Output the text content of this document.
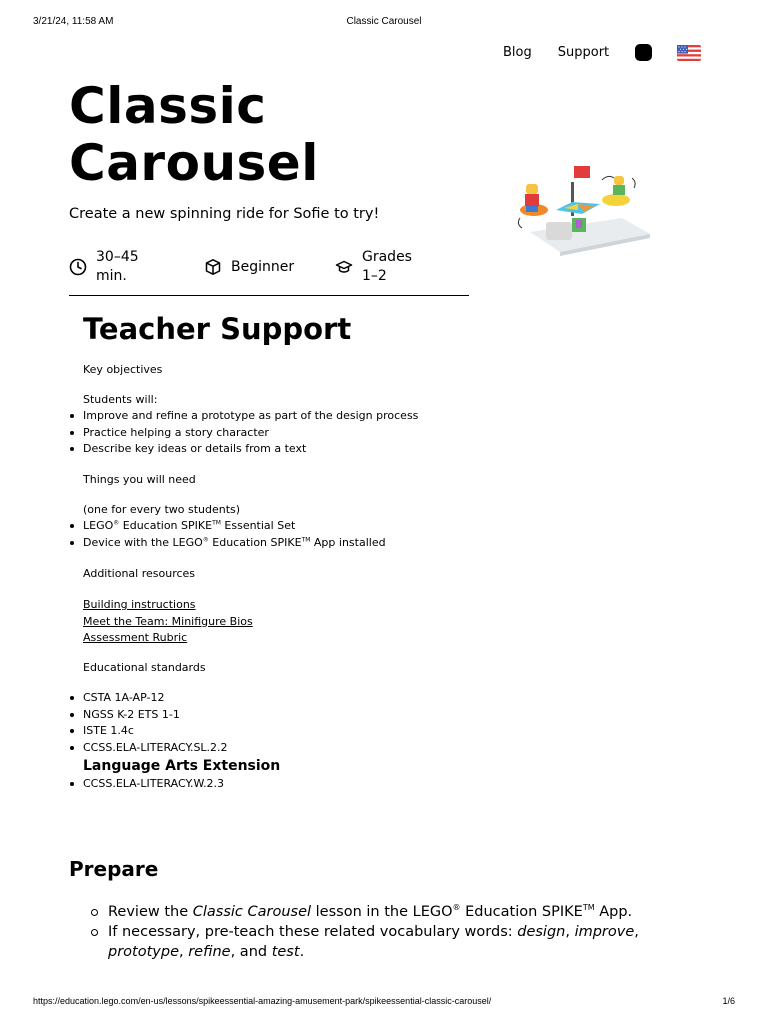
3/21/24, 11:58 AM	Classic Carousel
Blog Support
Classic
Carousel
Create a new spinning ride for Sofie to try!
30–45
min.
Beginner
Grades
1–2
Teacher Support
Key objectives
Students will:
Improve and refine a prototype as part of the design process
Practice helping a story character
Describe key ideas or details from a text
Things you will need
(one for every two students)
LEGO® Education SPIKE™ Essential Set
Device with the LEGO® Education SPIKE™ App installed
Additional resources
Building instructions
Meet the Team: Minifigure Bios
Assessment Rubric
Educational standards
CSTA 1A-AP-12
NGSS K-2 ETS 1-1
ISTE 1.4c
CCSS.ELA-LITERACY.SL.2.2
Language Arts Extension
CCSS.ELA-LITERACY.W.2.3
Prepare
Review the Classic Carousel lesson in the LEGO® Education SPIKE™ App.
If necessary, pre-teach these related vocabulary words: design, improve, prototype, refine, and test.
https://education.lego.com/en-us/lessons/spikeessential-amazing-amusement-park/spikeessential-classic-carousel/	1/6
